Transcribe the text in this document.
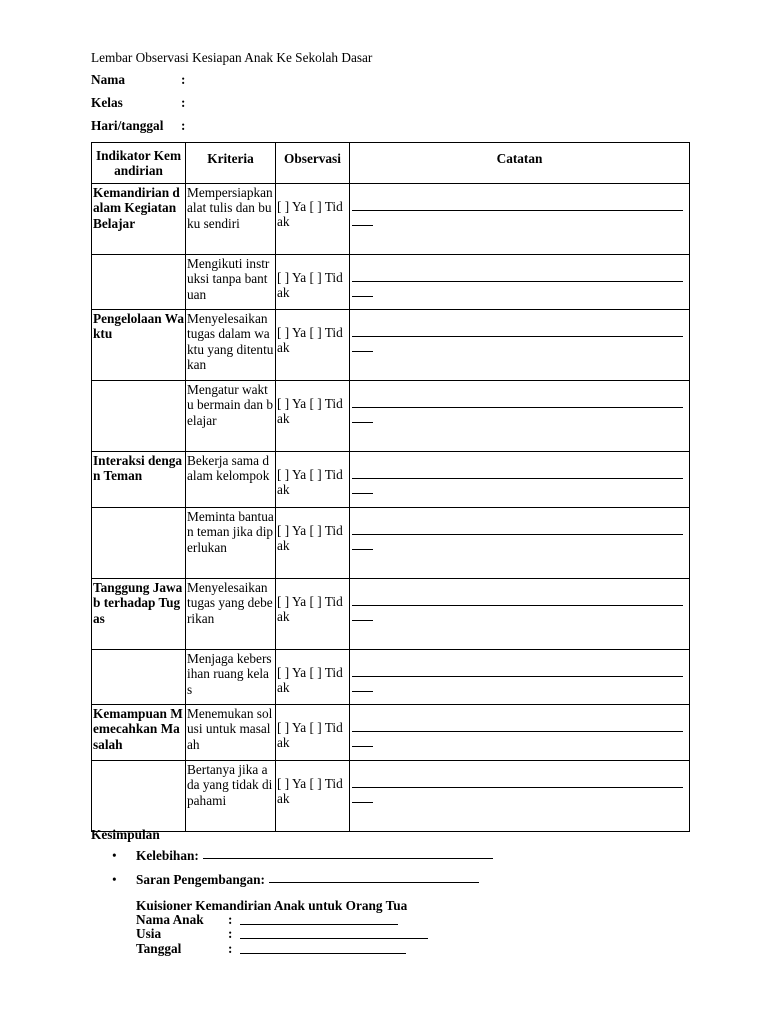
Lembar Observasi Kesiapan Anak Ke Sekolah Dasar
Nama	:
Kelas	:
Hari/tanggal	:
Indikator Kemandirian	Kriteria	Observasi	Catatan
Kemandirian dalam Kegiatan Belajar	Mempersiapkan alat tulis dan buku sendiri	[ ] Ya [ ] Tidak	

	Mengikuti instruksi tanpa bantuan	[ ] Ya [ ] Tidak	

Pengelolaan Waktu	Menyelesaikan tugas dalam waktu yang ditentukan	[ ] Ya [ ] Tidak	

	Mengatur waktu bermain dan belajar	[ ] Ya [ ] Tidak	

Interaksi dengan Teman	Bekerja sama dalam kelompok	[ ] Ya [ ] Tidak	

	Meminta bantuan teman jika diperlukan	[ ] Ya [ ] Tidak	

Tanggung Jawab terhadap Tugas	Menyelesaikan tugas yang deberikan	[ ] Ya [ ] Tidak	

	Menjaga kebersihan ruang kelas	[ ] Ya [ ] Tidak	

Kemampuan Memecahkan Masalah	Menemukan solusi untuk masalah	[ ] Ya [ ] Tidak	

	Bertanya jika ada yang tidak dipahami	[ ] Ya [ ] Tidak	
Kesimpulan
•	Kelebihan:
•	Saran Pengembangan:
Kuisioner Kemandirian Anak untuk Orang Tua
Nama Anak	:
Usia	:
Tanggal	:
